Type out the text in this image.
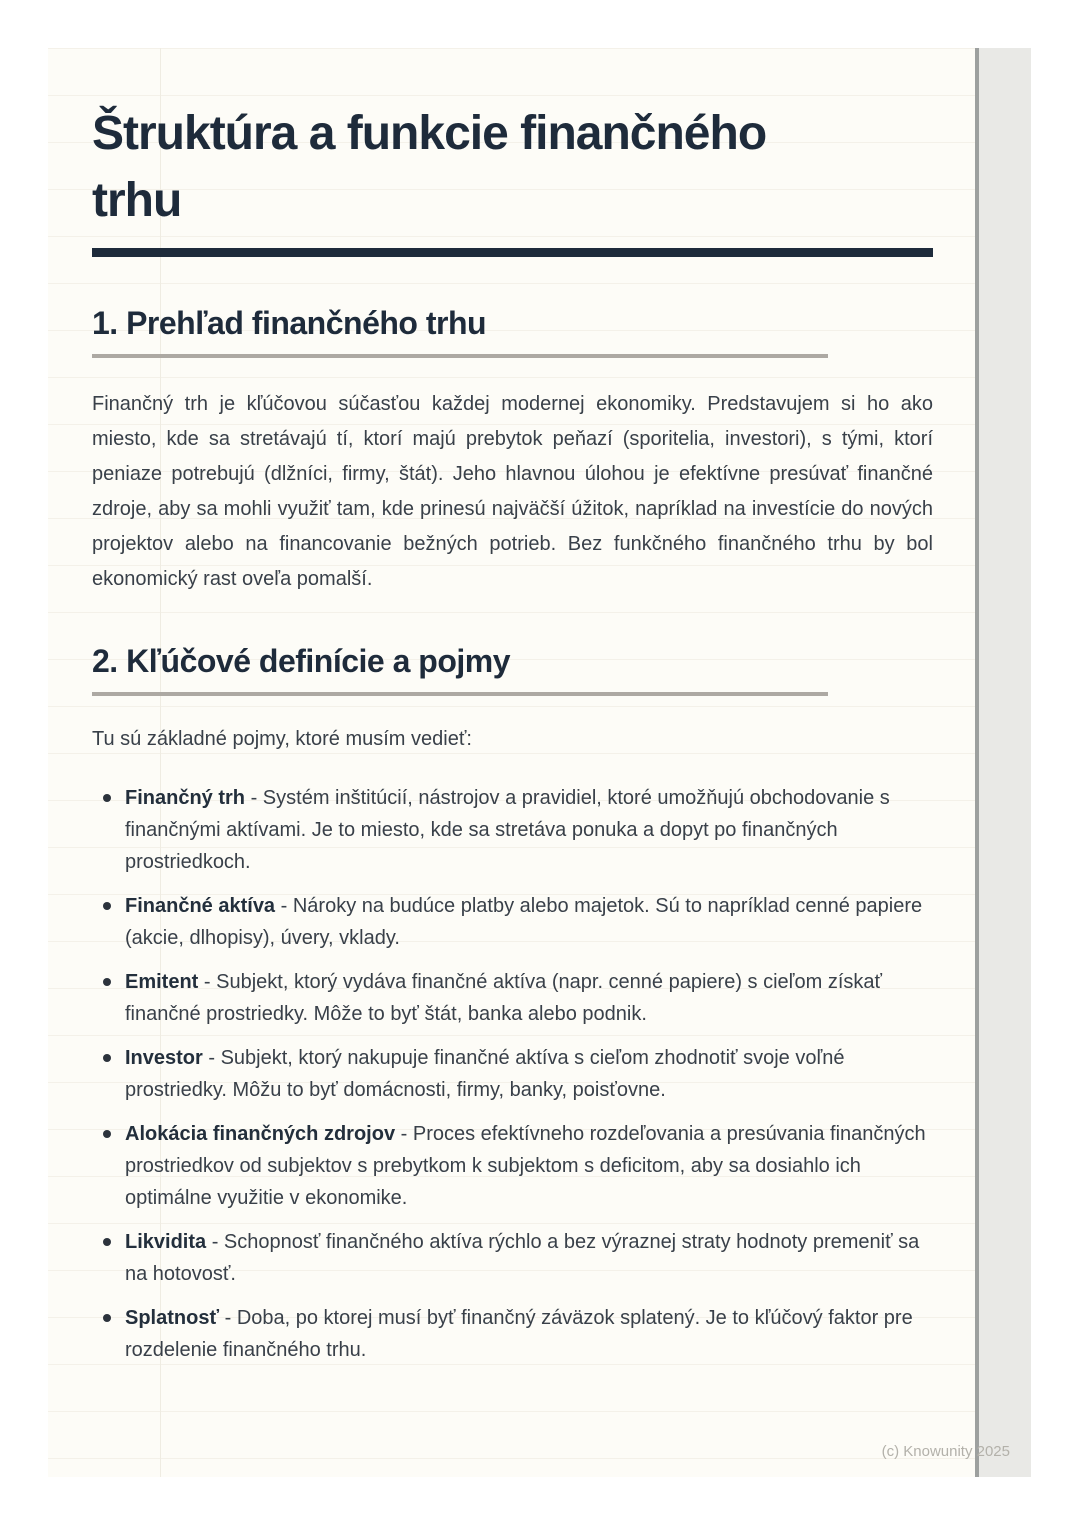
Štruktúra a funkcie finančného trhu
1. Prehľad finančného trhu

Finančný trh je kľúčovou súčasťou každej modernej ekonomiky. Predstavujem si ho ako miesto, kde sa stretávajú tí, ktorí majú prebytok peňazí (sporitelia, investori), s tými, ktorí peniaze potrebujú (dlžníci, firmy, štát). Jeho hlavnou úlohou je efektívne presúvať finančné zdroje, aby sa mohli využiť tam, kde prinesú najväčší úžitok, napríklad na investície do nových projektov alebo na financovanie bežných potrieb. Bez funkčného finančného trhu by bol ekonomický rast oveľa pomalší.

2. Kľúčové definície a pojmy

Tu sú základné pojmy, ktoré musím vedieť:

Finančný trh - Systém inštitúcií, nástrojov a pravidiel, ktoré umožňujú obchodovanie s finančnými aktívami. Je to miesto, kde sa stretáva ponuka a dopyt po finančných prostriedkoch.
Finančné aktíva - Nároky na budúce platby alebo majetok. Sú to napríklad cenné papiere (akcie, dlhopisy), úvery, vklady.
Emitent - Subjekt, ktorý vydáva finančné aktíva (napr. cenné papiere) s cieľom získať finančné prostriedky. Môže to byť štát, banka alebo podnik.
Investor - Subjekt, ktorý nakupuje finančné aktíva s cieľom zhodnotiť svoje voľné prostriedky. Môžu to byť domácnosti, firmy, banky, poisťovne.
Alokácia finančných zdrojov - Proces efektívneho rozdeľovania a presúvania finančných prostriedkov od subjektov s prebytkom k subjektom s deficitom, aby sa dosiahlo ich optimálne využitie v ekonomike.
Likvidita - Schopnosť finančného aktíva rýchlo a bez výraznej straty hodnoty premeniť sa na hotovosť.
Splatnosť - Doba, po ktorej musí byť finančný záväzok splatený. Je to kľúčový faktor pre rozdelenie finančného trhu.
(c) Knowunity 2025
